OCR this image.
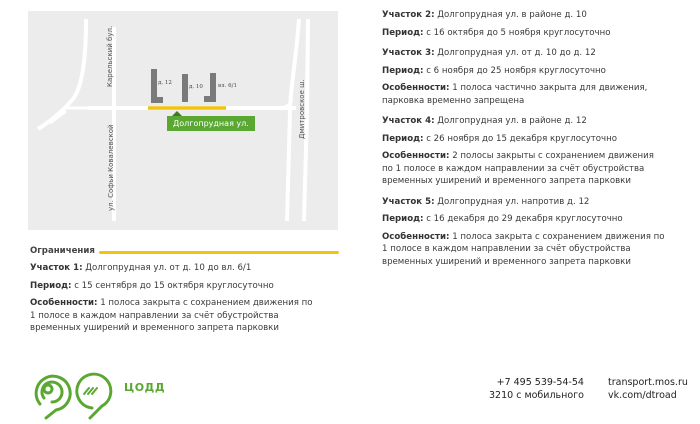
Карельский бул.
ул. Софьи Ковалевской
Дмитровское ш.
д. 12
д. 10	вл. 6/1
Долгопрудная ул.
Ограничения

Участок 1: Долгопрудная ул. от д. 10 до вл. 6/1

Период: с 15 сентября до 15 октября круглосуточно

Особенности: 1 полоса закрыта с сохранением движения по 1 полосе в каждом направлении за счёт обустройства временных уширений и временного запрета парковки

Участок 2: Долгопрудная ул. в районе д. 10

Период: с 16 октября до 5 ноября круглосуточно

Участок 3: Долгопрудная ул. от д. 10 до д. 12

Период: с 6 ноября до 25 ноября круглосуточно

Особенности: 1 полоса частично закрыта для движения, парковка временно запрещена

Участок 4: Долгопрудная ул. в районе д. 12

Период: с 26 ноября до 15 декабря круглосуточно

Особенности: 2 полосы закрыты с сохранением движения по 1 полосе в каждом направлении за счёт обустройства временных уширений и временного запрета парковки

Участок 5: Долгопрудная ул. напротив д. 12

Период: с 16 декабря до 29 декабря круглосуточно

Особенности: 1 полоса закрыта с сохранением движения по 1 полосе в каждом направлении за счёт обустройства временных уширений и временного запрета парковки

ЦОДД	+7 495 539-54-54
3210 с мобильного
transport.mos.ru
vk.com/dtroad
